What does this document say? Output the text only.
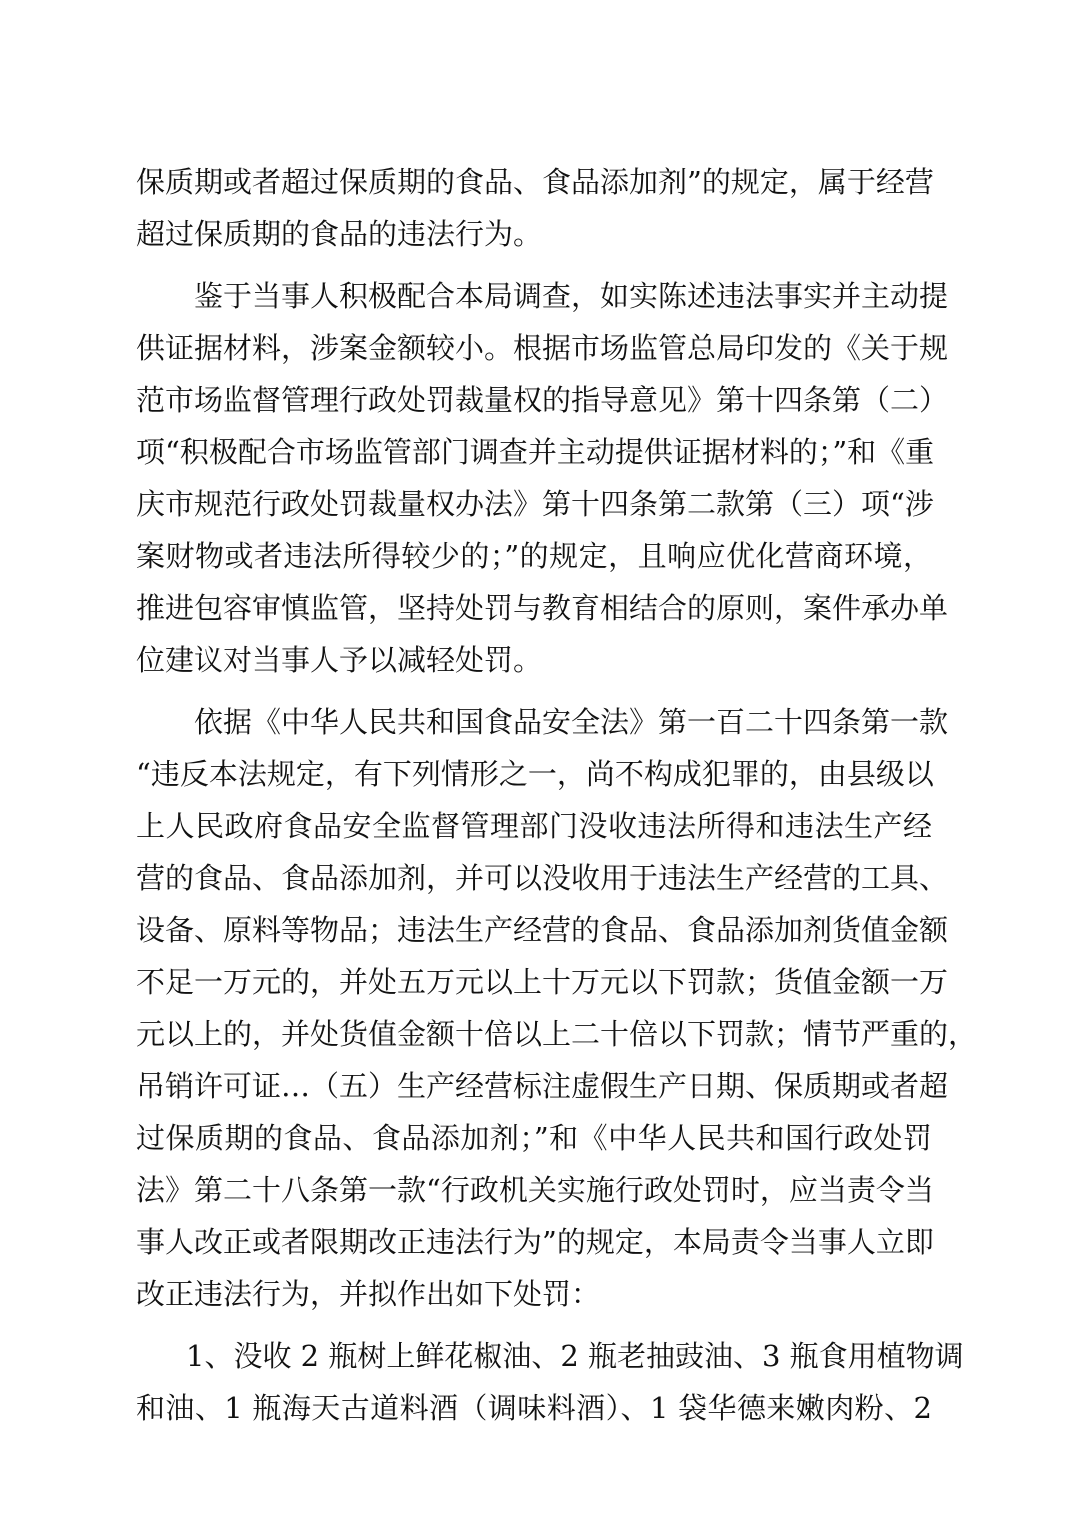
保质期或者超过保质期的食品、食品添加剂”的规定，属于经营
超过保质期的食品的违法行为。
鉴于当事人积极配合本局调查，如实陈述违法事实并主动提
供证据材料，涉案金额较小。根据市场监管总局印发的《关于规
范市场监督管理行政处罚裁量权的指导意见》第十四条第（二）
项“积极配合市场监管部门调查并主动提供证据材料的；”和《重
庆市规范行政处罚裁量权办法》第十四条第二款第（三）项“涉
案财物或者违法所得较少的；”的规定，且响应优化营商环境，
推进包容审慎监管，坚持处罚与教育相结合的原则，案件承办单
位建议对当事人予以减轻处罚。
依据《中华人民共和国食品安全法》第一百二十四条第一款
“违反本法规定，有下列情形之一，尚不构成犯罪的，由县级以
上人民政府食品安全监督管理部门没收违法所得和违法生产经
营的食品、食品添加剂，并可以没收用于违法生产经营的工具、
设备、原料等物品；违法生产经营的食品、食品添加剂货值金额
不足一万元的，并处五万元以上十万元以下罚款；货值金额一万
元以上的，并处货值金额十倍以上二十倍以下罚款；情节严重的，
吊销许可证…（五）生产经营标注虚假生产日期、保质期或者超
过保质期的食品、食品添加剂；”和《中华人民共和国行政处罚
法》第二十八条第一款“行政机关实施行政处罚时，应当责令当
事人改正或者限期改正违法行为”的规定，本局责令当事人立即
改正违法行为，并拟作出如下处罚：
1、没收 2 瓶树上鲜花椒油、2 瓶老抽豉油、3 瓶食用植物调
和油、1 瓶海天古道料酒（调味料酒）、1 袋华德来嫩肉粉、2
